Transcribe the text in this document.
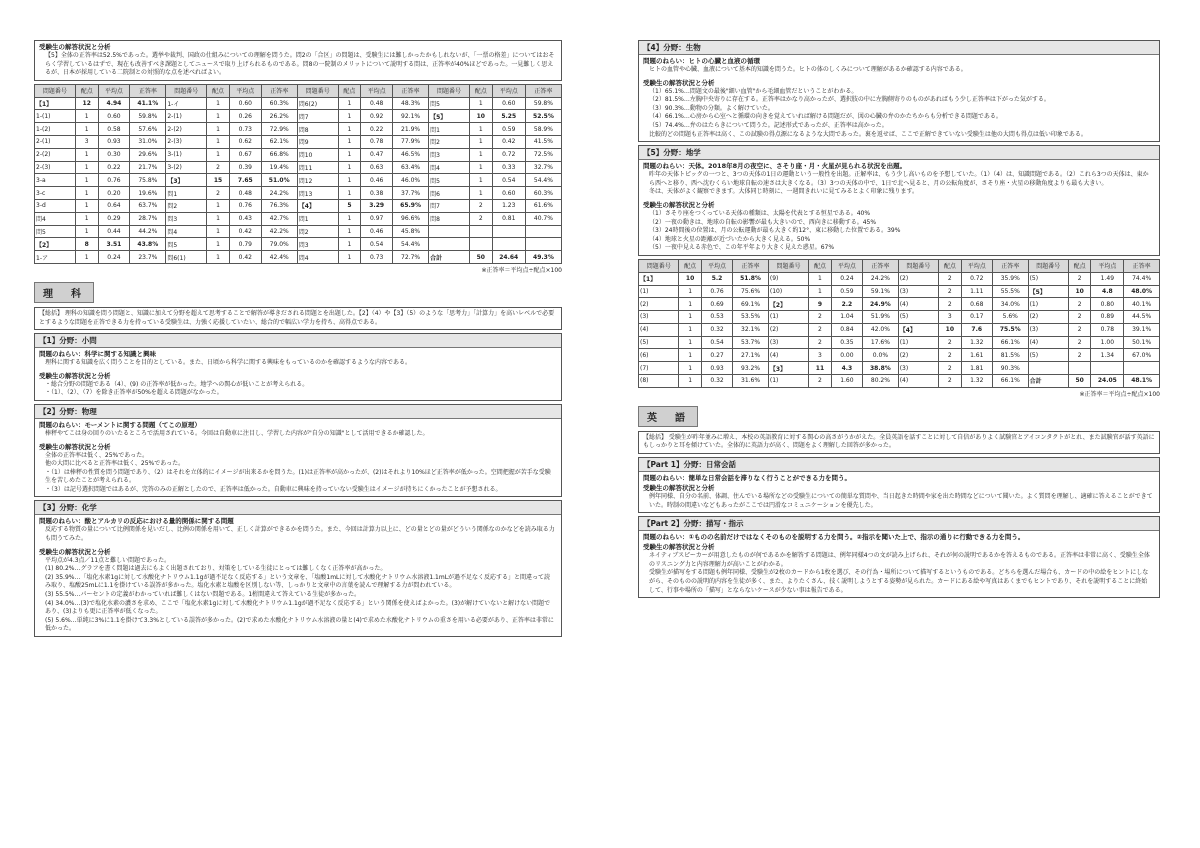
受験生の解答状況と分析
【5】全体の正答率は52.5%であった。選挙や裁判、国政の仕組みについての理解を問うた。問2の「合区」の問題は、受験生には難しかったかもしれないが、「一票の格差」についてはおそらく学習しているはずで、現在も改善すべき課題としてニュースで取り上げられるものである。問8の一院制のメリットについて説明する問は、正答率が40%ほどであった。一見難しく思えるが、日本が採用している二院制との対照的な点を述べればよい。
問題番号	配点	平均点	正答率	問題番号	配点	平均点	正答率	問題番号	配点	平均点	正答率	問題番号	配点	平均点	正答率
【1】	12	4.94	41.1%	1-イ	1	0.60	60.3%	問6(2)	1	0.48	48.3%	問5	1	0.60	59.8%
1-(1)	1	0.60	59.8%	2-(1)	1	0.26	26.2%	問7	1	0.92	92.1%	【5】	10	5.25	52.5%
1-(2)	1	0.58	57.6%	2-(2)	1	0.73	72.9%	問8	1	0.22	21.9%	問1	1	0.59	58.9%
2-(1)	3	0.93	31.0%	2-(3)	1	0.62	62.1%	問9	1	0.78	77.9%	問2	1	0.42	41.5%
2-(2)	1	0.30	29.6%	3-(1)	1	0.67	66.8%	問10	1	0.47	46.5%	問3	1	0.72	72.5%
2-(3)	1	0.22	21.7%	3-(2)	2	0.39	19.4%	問11	1	0.63	63.4%	問4	1	0.33	32.7%
3-a	1	0.76	75.8%	【3】	15	7.65	51.0%	問12	1	0.46	46.0%	問5	1	0.54	54.4%
3-c	1	0.20	19.6%	問1	2	0.48	24.2%	問13	1	0.38	37.7%	問6	1	0.60	60.3%
3-d	1	0.64	63.7%	問2	1	0.76	76.3%	【4】	5	3.29	65.9%	問7	2	1.23	61.6%
問4	1	0.29	28.7%	問3	1	0.43	42.7%	問1	1	0.97	96.6%	問8	2	0.81	40.7%
問5	1	0.44	44.2%	問4	1	0.42	42.2%	問2	1	0.46	45.8%				
【2】	8	3.51	43.8%	問5	1	0.79	79.0%	問3	1	0.54	54.4%				
1-ア	1	0.24	23.7%	問6(1)	1	0.42	42.4%	問4	1	0.73	72.7%	合計	50	24.64	49.3%
※正答率＝平均点÷配点×100
理　科
【総括】 理科の知識を問う問題と、知識に加えて分野を超えて思考することで解答が導きだされる問題とを出題した。【2】（4）や【3】（5）のような「思考力」「計算力」を高いレベルで必要とするような問題を正答できる力を持っている受験生は、力強く応援していたい、総合的で幅広い学力を持ち、高得点である。
【1】分野：小問
問題のねらい：科学に関する知識と興味
理科に関する知識を広く問うことを目的としている。また、日頃から科学に関する興味をもっているのかを確認するような内容である。
受験生の解答状況と分析
・総合分野の問題である（4）、(9) の正答率が低かった。地学への関心が低いことが考えられる。
・（1）、（2）、（7）を除き正答率が50%を超える問題がなかった。
【2】分野：物理
問題のねらい：モーメントに関する問題（てこの原理）
棒秤やてこは身の回りのいたるところで活用されている。今回は自動車に注目し、学習した内容が"自分の知識"として活用できるか確認した。
受験生の解答状況と分析
全体の正答率は低く、25%であった。
他の大問に比べると正答率は低く、25%であった。
・（1）は棒秤の性質を問う問題であり、（2）はそれを立体的にイメージが出来るかを問うた。(1)は正答率が高かったが、(2)はそれより10%ほど正答率が低かった。空間把握が苦手な受験生を苦しめたことが考えられる。
・（3）は記号選択問題ではあるが、完答のみの正解としたので、正答率は低かった。自動車に興味を持っていない受験生はイメージが持ちにくかったことが予想される。
【3】分野：化学
問題のねらい：酸とアルカリの反応における量的関係に関する問題
反応する物質の量について比例関係を見いだし、比例の関係を用いて、正しく計算ができるかを問うた。また、今回は計算力以上に、どの量とどの量がどういう関係なのかなどを読み取る力も問うてみた。
受験生の解答状況と分析
平均点が4.3点／11点と難しい問題であった。
(1) 80.2%…グラフを書く問題は過去にもよく出題されており、対策をしている生徒にとっては難しくなく正答率が高かった。
(2) 35.9%…「塩化水素1gに対して水酸化ナトリウム1.1gが過不足なく反応する」という文章を、「塩酸1mLに対して水酸化ナトリウム水溶液1.1mLが過不足なく反応する」と間違って読み取り、塩酸25mLに1.1を掛けている誤答が多かった。塩化水素と塩酸を区別しない等、しっかりと文章中の言葉を読んで理解する力が問われている。
(3) 55.5%…パーセントの定義がわかっていれば難しくはない問題である。1桁間違えて答えている生徒が多かった。
(4) 34.0%…(3)で塩化水素の濃さを求め、ここで「塩化水素1gに対して水酸化ナトリウム1.1gが過不足なく反応する」という関係を使えばよかった。(3)が解けていないと解けない問題であり、(3)よりも更に正答率が低くなった。
(5) 5.6%…単純に3%に1.1を掛けて3.3%としている誤答が多かった。(2)で求めた水酸化ナトリウム水溶液の量と(4)で求めた水酸化ナトリウムの重さを用いる必要があり、正答率は非常に低かった。
【4】分野：生物
問題のねらい：ヒトの心臓と血液の循環
ヒトの血管や心臓、血液について基本的知識を問うた。ヒトの体のしくみについて理解があるか確認する内容である。
受験生の解答状況と分析
（1）65.1%…問題文の最後"細い血管"から毛細血管だということがわかる。
（2）81.5%…左胸中央寄りに存在する。正答率はかなり高かったが、選択肢の中に左胸側寄りのものがあればもう少し正答率は下がった気がする。
（3）90.3%…動物の分類。よく解けていた。
（4）66.1%…心房から心室へと循環の向きを覚えていれば解ける問題だが、図の心臓の弁のかたちからも分析できる問題である。
（5）74.4%…弁のはたらきについて問うた。記述形式であったが、正答率は高かった。
比較的どの問題も正答率は高く、この試験の得点源になるような大問であった。裏を返せば、ここで正解できていない受験生は他の大問も得点は低い印象である。
【5】分野：地学
問題のねらい：天体。2018年8月の夜空に、さそり座・月・火星が見られる状況を出題。
昨年の天体トピックの一つと、3つの天体の1日の運動という一般性を出題。正解率は、もう少し高いものを予想していた。（1）（4）は、知識問題である。（2）これら3つの天体は、東から西へと移り、西へ沈むくらい地球自転の速さは大きくなる。（3）3つの天体の中で、1日で北へ見ると、月の公転角度が、さそり座・火星の移動角度よりも最も大きい。
冬は、天体がよく観察できます。大体同じ時刻に、一週間きれいに見てみるとよく印象に残ります。
受験生の解答状況と分析
（1）さそり座をつくっている天体の種類は、太陽を代表とする恒星である。40%
（2）一夜の動きは、地球の自転の影響が最も大きいので、西向きに移動する。45%
（3）24時間後の位置は、月の公転運動が最も大きく約12°、東に移動した位置である。39%
（4）地球と火星の距離が近づいたから大きく見える。50%
（5）一夜中見える赤色で、この年平年より大きく見えた惑星。67%
問題番号	配点	平均点	正答率	問題番号	配点	平均点	正答率	問題番号	配点	平均点	正答率	問題番号	配点	平均点	正答率
【1】	10	5.2	51.8%	(9)	1	0.24	24.2%	(2)	2	0.72	35.9%	(5)	2	1.49	74.4%
(1)	1	0.76	75.6%	(10)	1	0.59	59.1%	(3)	2	1.11	55.5%	【5】	10	4.8	48.0%
(2)	1	0.69	69.1%	【2】	9	2.2	24.9%	(4)	2	0.68	34.0%	(1)	2	0.80	40.1%
(3)	1	0.53	53.5%	(1)	2	1.04	51.9%	(5)	3	0.17	5.6%	(2)	2	0.89	44.5%
(4)	1	0.32	32.1%	(2)	2	0.84	42.0%	【4】	10	7.6	75.5%	(3)	2	0.78	39.1%
(5)	1	0.54	53.7%	(3)	2	0.35	17.6%	(1)	2	1.32	66.1%	(4)	2	1.00	50.1%
(6)	1	0.27	27.1%	(4)	3	0.00	0.0%	(2)	2	1.61	81.5%	(5)	2	1.34	67.0%
(7)	1	0.93	93.2%	【3】	11	4.3	38.8%	(3)	2	1.81	90.3%				
(8)	1	0.32	31.6%	(1)	2	1.60	80.2%	(4)	2	1.32	66.1%	合計	50	24.05	48.1%
※正答率＝平均点÷配点×100
英　語
【総括】 受験生が昨年並みに増え、本校の英語教育に対する関心の高さがうかがえた。全員英語を話すことに対して自信がありよく試験官とアイコンタクトがとれ、また試験官が話す英語にもしっかりと耳を傾けていた。全体的に英語力が高く、問題をよく理解した回答が多かった。
【Part 1】分野：日常会話
問題のねらい：簡単な日常会話を滞りなく行うことができる力を問う。
受験生の解答状況と分析
例年同様、自分の名前、体調、住んでいる場所などの受験生についての簡単な質問や、当日起きた時間や家を出た時間などについて聞いた。よく質問を理解し、適確に答えることができていた。時制の間違いなどもあったがここでは円滑なコミュニケーションを優先した。
【Part 2】分野：描写・指示
問題のねらい：①ものの名前だけではなくそのものを説明する力を問う。②指示を聞いた上で、指示の通りに行動できる力を問う。
受験生の解答状況と分析
ネイティブスピーカーが用意したものが何であるかを解答する問題は、例年同様4つの文が読み上げられ、それが何の説明であるかを答えるものである。正答率は非常に高く、受験生全体のリスニング力と内容理解力が高いことがわかる。
受験生が描写をする問題も例年同様、受験生が2枚のカードから1枚を選び、その行為・場所について描写するというものである。どちらを選んだ場合も、カードの中の絵をヒントにしながら、そのものの説明的内容を生徒が多く、また、よりたくさん、技く説明しようとする姿勢が見られた。カードにある絵や写真はあくまでもヒントであり、それを説明することに終始して、行事や場所の「描写」とならないケースが少ない事は報告である。
